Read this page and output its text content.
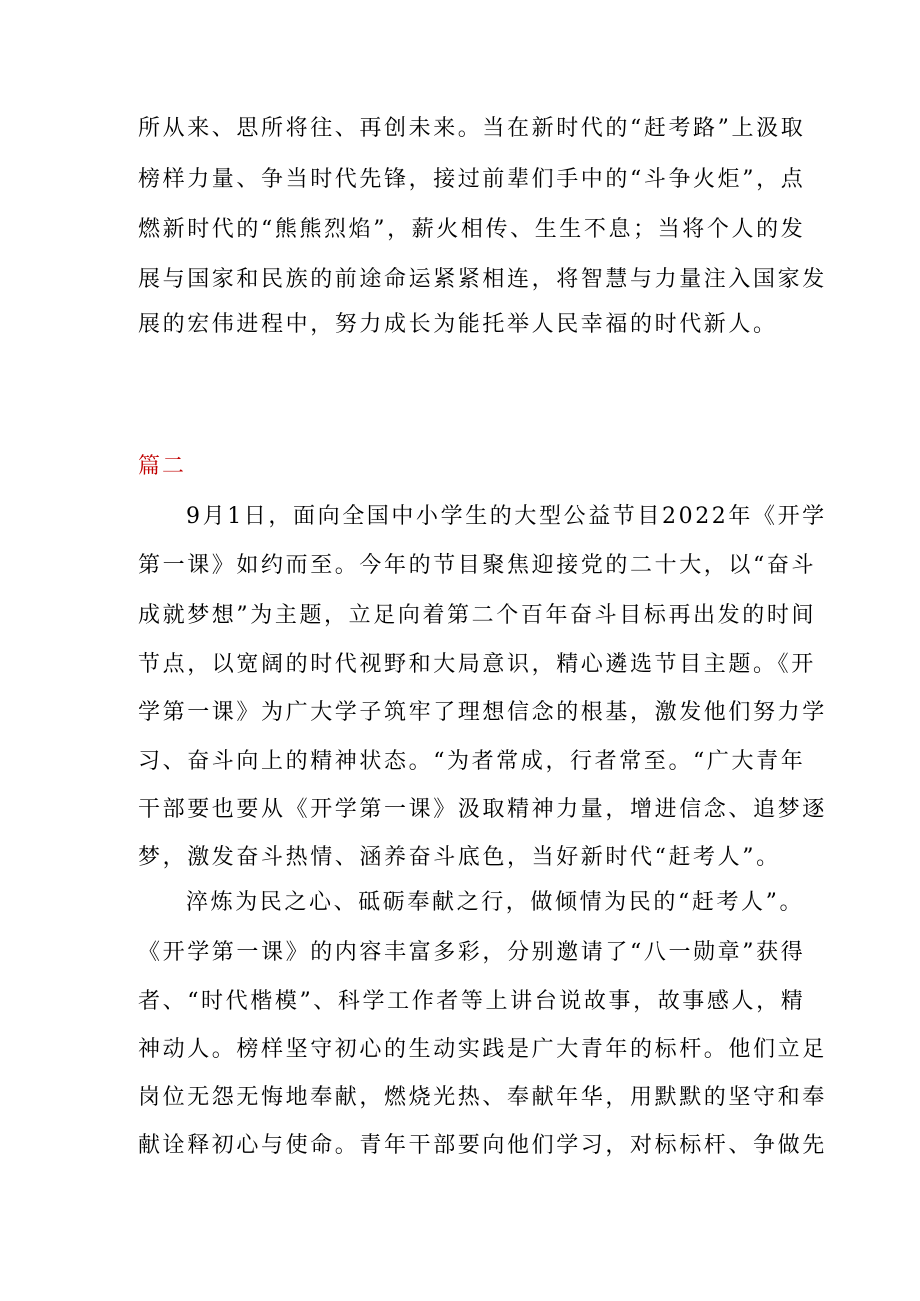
所从来、思所将往、再创未来。当在新时代的“赶考路”上汲取

榜样力量、争当时代先锋，接过前辈们手中的“斗争火炬”，点

燃新时代的“熊熊烈焰”，薪火相传、生生不息；当将个人的发

展与国家和民族的前途命运紧紧相连，将智慧与力量注入国家发

展的宏伟进程中，努力成长为能托举人民幸福的时代新人。

篇二

9月1日，面向全国中小学生的大型公益节目2022年《开学

第一课》如约而至。今年的节目聚焦迎接党的二十大，以“奋斗

成就梦想”为主题，立足向着第二个百年奋斗目标再出发的时间

节点，以宽阔的时代视野和大局意识，精心遴选节目主题。《开

学第一课》为广大学子筑牢了理想信念的根基，激发他们努力学

习、奋斗向上的精神状态。“为者常成，行者常至。“广大青年

干部要也要从《开学第一课》汲取精神力量，增进信念、追梦逐

梦，激发奋斗热情、涵养奋斗底色，当好新时代“赶考人”。

淬炼为民之心、砥砺奉献之行，做倾情为民的“赶考人”。

《开学第一课》的内容丰富多彩，分别邀请了“八一勋章”获得

者、“时代楷模”、科学工作者等上讲台说故事，故事感人，精

神动人。榜样坚守初心的生动实践是广大青年的标杆。他们立足

岗位无怨无悔地奉献，燃烧光热、奉献年华，用默默的坚守和奉

献诠释初心与使命。青年干部要向他们学习，对标标杆、争做先
